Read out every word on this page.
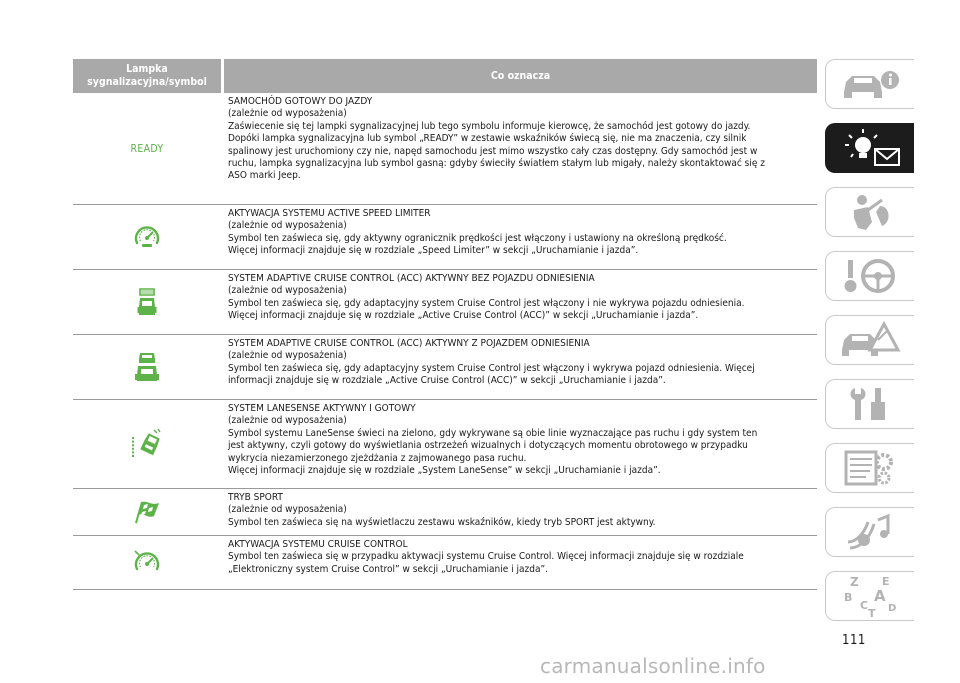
Lampka
sygnalizacyjna/symbol	Co oznacza
READY

SAMOCHÓD GOTOWY DO JAZDY

(zależnie od wyposażenia)

Zaświecenie się tej lampki sygnalizacyjnej lub tego symbolu informuje kierowcę, że samochód jest gotowy do jazdy.

Dopóki lampka sygnalizacyjna lub symbol „READY” w zestawie wskaźników świecą się, nie ma znaczenia, czy silnik

spalinowy jest uruchomiony czy nie, napęd samochodu jest mimo wszystko cały czas dostępny. Gdy samochód jest w

ruchu, lampka sygnalizacyjna lub symbol gasną: gdyby świeciły światłem stałym lub migały, należy skontaktować się z

ASO marki Jeep.

AKTYWACJA SYSTEMU ACTIVE SPEED LIMITER

(zależnie od wyposażenia)

Symbol ten zaświeca się, gdy aktywny ogranicznik prędkości jest włączony i ustawiony na określoną prędkość.

Więcej informacji znajduje się w rozdziale „Speed Limiter” w sekcji „Uruchamianie i jazda”.

SYSTEM ADAPTIVE CRUISE CONTROL (ACC) AKTYWNY BEZ POJAZDU ODNIESIENIA

(zależnie od wyposażenia)

Symbol ten zaświeca się, gdy adaptacyjny system Cruise Control jest włączony i nie wykrywa pojazdu odniesienia.

Więcej informacji znajduje się w rozdziale „Active Cruise Control (ACC)” w sekcji „Uruchamianie i jazda”.

SYSTEM ADAPTIVE CRUISE CONTROL (ACC) AKTYWNY Z POJAZDEM ODNIESIENIA

(zależnie od wyposażenia)

Symbol ten zaświeca się, gdy adaptacyjny system Cruise Control jest włączony i wykrywa pojazd odniesienia. Więcej

informacji znajduje się w rozdziale „Active Cruise Control (ACC)” w sekcji „Uruchamianie i jazda”.

SYSTEM LANESENSE AKTYWNY I GOTOWY

(zależnie od wyposażenia)

Symbol systemu LaneSense świeci na zielono, gdy wykrywane są obie linie wyznaczające pas ruchu i gdy system ten

jest aktywny, czyli gotowy do wyświetlania ostrzeżeń wizualnych i dotyczących momentu obrotowego w przypadku

wykrycia niezamierzonego zjeżdżania z zajmowanego pasa ruchu.

Więcej informacji znajduje się w rozdziale „System LaneSense” w sekcji „Uruchamianie i jazda”.

TRYB SPORT

(zależnie od wyposażenia)

Symbol ten zaświeca się na wyświetlaczu zestawu wskaźników, kiedy tryb SPORT jest aktywny.

AKTYWACJA SYSTEMU CRUISE CONTROL

Symbol ten zaświeca się w przypadku aktywacji systemu Cruise Control. Więcej informacji znajduje się w rozdziale

„Elektroniczny system Cruise Control” w sekcji „Uruchamianie i jazda”.

Z E
B A
C
T D
111
carmanualsonline.info
